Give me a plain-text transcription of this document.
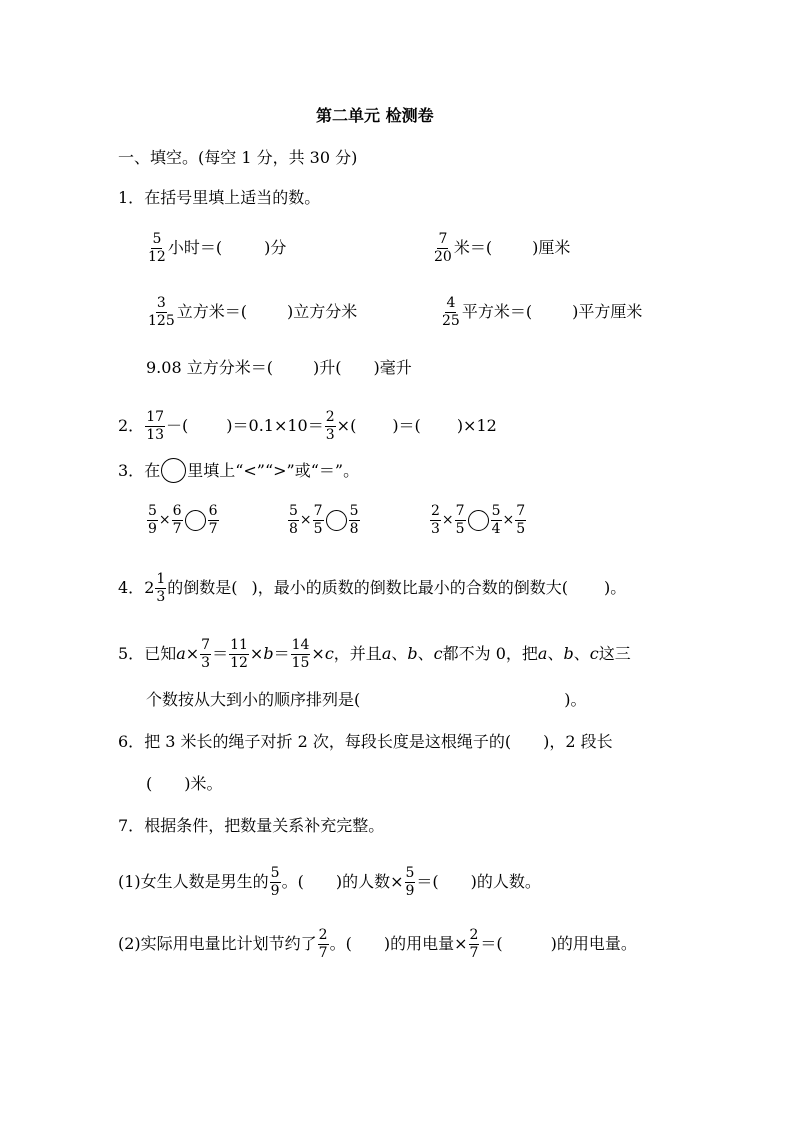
第二单元 检测卷
一、填空。(每空 1 分，共 30 分)
1． 在括号里填上适当的数。
$\frac{5}{12}$ 小时＝(	)分	$\frac{7}{20}$ 米＝(	)厘米
$\frac{3}{125}$ 立方米＝(	)立方分米	$\frac{4}{25}$ 平方米＝(	)平方厘米
9.08 立方分米＝(	)升( )毫升
2． $\frac{17}{13}$ －( )$=0.1\times 10= \frac{2}{3}$ ×( )＝( )×12
3． 在 里填上“<”“>”或“＝”。
$\frac{5}{9} \times \frac{6}{7} \frac{6}{7}$	$\frac{5}{8} \times \frac{7}{5} \frac{5}{8}$	$\frac{2}{3} \times \frac{7}{5} \frac{5}{4} \times \frac{7}{5}$
4． $2 \frac{1}{3}$ 的倒数是( )，最小的质数的倒数比最小的合数的倒数大( )。
5． 已知 $a \times \frac{7}{3} = \frac{11}{12} \times b = \frac{14}{15} \times c$ ，并且 a 、 b 、 c 都不为 0，把 a 、 b 、 c 这三
个数按从大到小的顺序排列是(	)。
6． 把 3 米长的绳子对折 2 次，每段长度是这根绳子的( )，2 段长
( )米。
7． 根据条件，把数量关系补充完整。
(1)女生人数是男生的 $\frac{5}{9}$ 。( )的人数× $\frac{5}{9}$ ＝( )的人数。
(2)实际用电量比计划节约了 $\frac{2}{7}$ 。( )的用电量× $\frac{2}{7}$ ＝(	)的用电量。
